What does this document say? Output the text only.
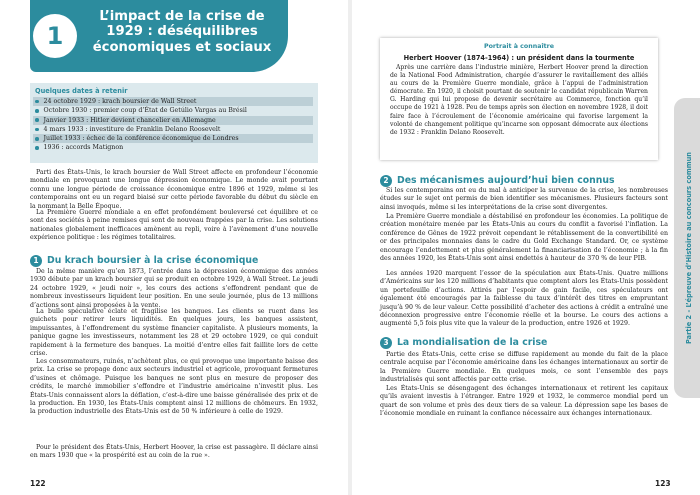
1
L’impact de la crise de 1929 : déséquilibres économiques et sociaux
Quelques dates à retenir
24 octobre 1929 : krach boursier de Wall Street
Octobre 1930 : premier coup d’État de Getúlio Vargas au Brésil
Janvier 1933 : Hitler devient chancelier en Allemagne
4 mars 1933 : investiture de Franklin Delano Roosevelt
Juillet 1933 : échec de la conférence économique de Londres
1936 : accords Matignon

Parti des États-Unis, le krach boursier de Wall Street affecte en profondeur l’économie mondiale en provoquant une longue dépression économique. Le monde avait pourtant connu une longue période de croissance économique entre 1896 et 1929, même si les contemporains ont eu un regard biaisé sur cette période favorable du début du siècle en la nommant la Belle Époque.

La Première Guerre mondiale a en effet profondément bouleversé cet équilibre et ce sont des sociétés à peine remises qui sont de nouveau frappées par la crise. Les solutions nationales globalement inefficaces amènent au repli, voire à l’avènement d’une nouvelle expérience politique : les régimes totalitaires.

1 Du krach boursier à la crise économique

De la même manière qu’en 1873, l’entrée dans la dépression économique des années 1930 débute par un krach boursier qui se produit en octobre 1929, à Wall Street. Le jeudi 24 octobre 1929, « jeudi noir », les cours des actions s’effondrent pendant que de nombreux investisseurs liquident leur position. En une seule journée, plus de 13 millions d’actions sont ainsi proposées à la vente.

La bulle spéculative éclate et fragilise les banques. Les clients se ruent dans les guichets pour retirer leurs liquidités. En quelques jours, les banques assistent, impuissantes, à l’effondrement du système financier capitaliste. À plusieurs moments, la panique gagne les investisseurs, notamment les 28 et 29 octobre 1929, ce qui conduit rapidement à la fermeture des banques. La moitié d’entre elles fait faillite lors de cette crise.

Les consommateurs, ruinés, n’achètent plus, ce qui provoque une importante baisse des prix. La crise se propage donc aux secteurs industriel et agricole, provoquant fermetures d’usines et chômage. Puisque les banques ne sont plus en mesure de proposer des crédits, le marché immobilier s’effondre et l’industrie américaine n’investit plus. Les États-Unis connaissent alors la déflation, c’est-à-dire une baisse généralisée des prix et de la production. En 1930, les États-Unis comptent ainsi 12 millions de chômeurs. En 1932, la production industrielle des États-Unis est de 50 % inférieure à celle de 1929.

Pour le président des États-Unis, Herbert Hoover, la crise est passagère. Il déclare ainsi en mars 1930 que « la prospérité est au coin de la rue ».

122
Portrait à connaître
Herbert Hoover (1874-1964) : un président dans la tourmente

Après une carrière dans l’industrie minière, Herbert Hoover prend la direction de la National Food Administration, chargée d’assurer le ravitaillement des alliés au cours de la Première Guerre mondiale, grâce à l’appui de l’administration démocrate. En 1920, il choisit pourtant de soutenir le candidat républicain Warren G. Harding qui lui propose de devenir secrétaire au Commerce, fonction qu’il occupe de 1921 à 1928. Peu de temps après son élection en novembre 1928, il doit faire face à l’écroulement de l’économie américaine qui favorise largement la volonté de changement politique qu’incarne son opposant démocrate aux élections de 1932 : Franklin Delano Roosevelt.

2 Des mécanismes aujourd’hui bien connus

Si les contemporains ont eu du mal à anticiper la survenue de la crise, les nombreuses études sur le sujet ont permis de bien identifier ses mécanismes. Plusieurs facteurs sont ainsi invoqués, même si les interprétations de la crise sont divergentes.

La Première Guerre mondiale a déstabilisé en profondeur les économies. La politique de création monétaire menée par les États-Unis au cours du conflit a favorisé l’inflation. La conférence de Gênes de 1922 prévoit cependant le rétablissement de la convertibilité en or des principales monnaies dans le cadre du Gold Exchange Standard. Or, ce système encourage l’endettement et plus généralement la financiarisation de l’économie ; à la fin des années 1920, les États-Unis sont ainsi endettés à hauteur de 370 % de leur PIB.

Les années 1920 marquent l’essor de la spéculation aux États-Unis. Quatre millions d’Américains sur les 120 millions d’habitants que comptent alors les États-Unis possèdent un portefeuille d’actions. Attirés par l’espoir de gain facile, ces spéculateurs ont également été encouragés par la faiblesse du taux d’intérêt des titres en empruntant jusqu’à 90 % de leur valeur. Cette possibilité d’acheter des actions à crédit a entraîné une déconnexion progressive entre l’économie réelle et la bourse. Le cours des actions a augmenté 5,5 fois plus vite que la valeur de la production, entre 1926 et 1929.

3 La mondialisation de la crise

Partie des États-Unis, cette crise se diffuse rapidement au monde du fait de la place centrale acquise par l’économie américaine dans les échanges internationaux au sortir de la Première Guerre mondiale. En quelques mois, ce sont l’ensemble des pays industrialisés qui sont affectés par cette crise.

Les États-Unis se désengagent des échanges internationaux et retirent les capitaux qu’ils avaient investis à l’étranger. Entre 1929 et 1932, le commerce mondial perd un quart de son volume et près des deux tiers de sa valeur. La dépression sape les bases de l’économie mondiale en ruinant la confiance nécessaire aux échanges internationaux.

Partie 2 - L’épreuve d’Histoire au concours commun
123
